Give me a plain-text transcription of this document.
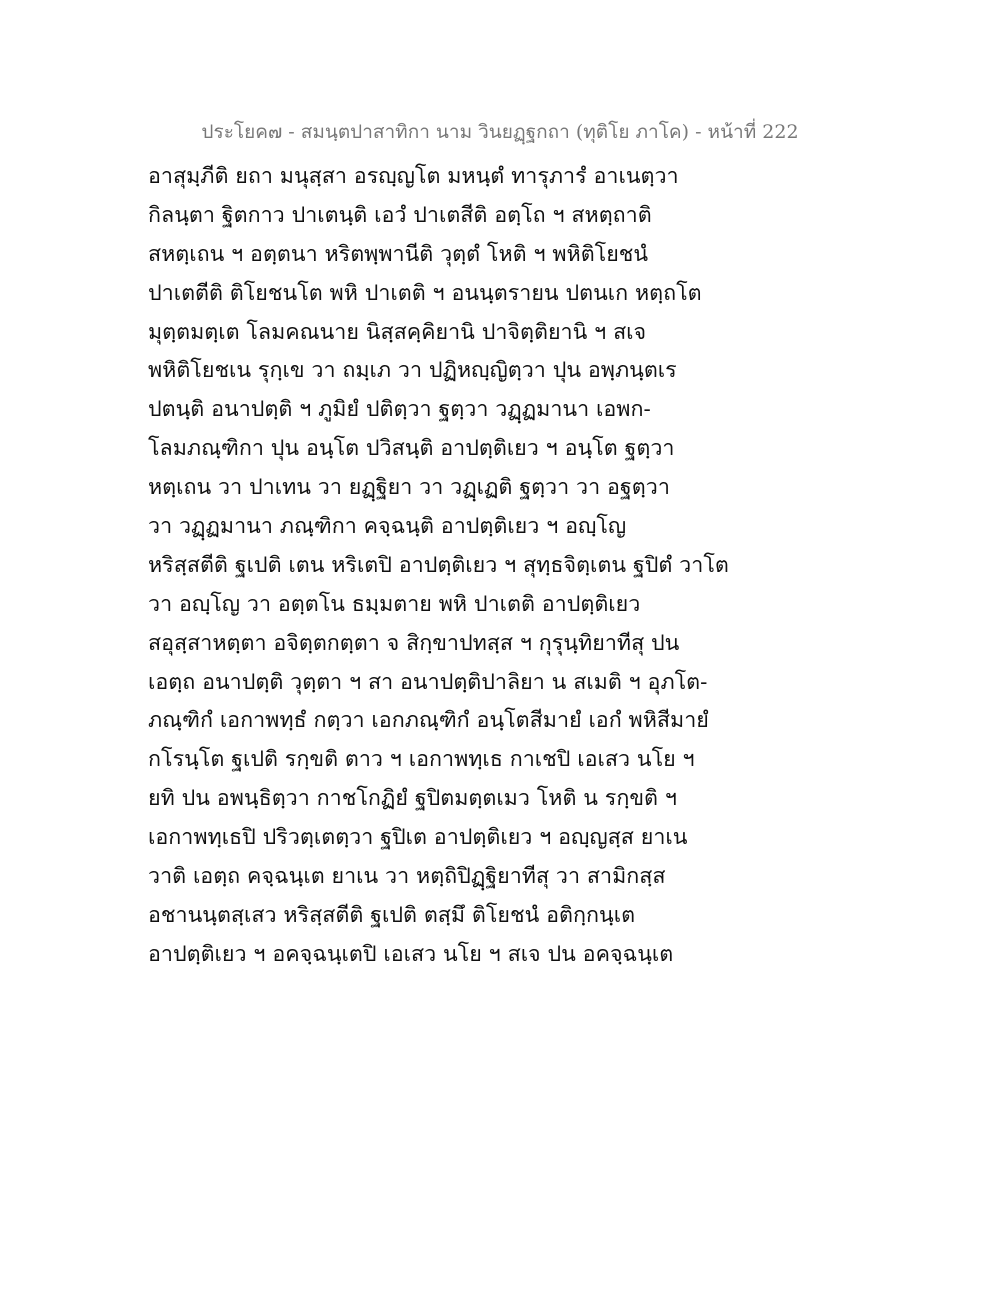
ประโยค๗ - สมนฺตปาสาทิกา นาม วินยฏฺฐกถา (ทุติโย ภาโค) - หน้าที่ 222
อาสุมฺภีติ ยถา มนุสฺสา อรญฺญโต มหนฺตํ ทารุภารํ อาเนตฺวา
กิลนฺตา ฐิตกาว ปาเตนฺติ เอวํ ปาเตสีติ อตฺโถ ฯ สหตฺถาติ
สหตฺเถน ฯ อตฺตนา หริตพฺพานีติ วุตฺตํ โหติ ฯ พหิติโยชนํ
ปาเตตีติ ติโยชนโต พหิ ปาเตติ ฯ อนนฺตรายน ปตนเก หตฺถโต
มุตฺตมตฺเต โลมคณนาย นิสฺสคฺคิยานิ ปาจิตฺติยานิ ฯ สเจ
พหิติโยชเน รุกฺเข วา ถมฺเภ วา ปฏิหญฺญิตฺวา ปุน อพฺภนฺตเร
ปตนฺติ อนาปตฺติ ฯ ภูมิยํ ปติตฺวา ฐตฺวา วฏฺฏมานา เอพก-
โลมภณฺฑิกา ปุน อนฺโต ปวิสนฺติ อาปตฺติเยว ฯ อนฺโต ฐตฺวา
หตฺเถน วา ปาเทน วา ยฏฺฐิยา วา วฏฺเฏติ ฐตฺวา วา อฐตฺวา
วา วฏฺฏมานา ภณฺฑิกา คจฺฉนฺติ อาปตฺติเยว ฯ อญฺโญ
หริสฺสตีติ ฐเปติ เตน หริเตปิ อาปตฺติเยว ฯ สุทฺธจิตฺเตน ฐปิตํ วาโต
วา อญฺโญ วา อตฺตโน ธมฺมตาย พหิ ปาเตติ อาปตฺติเยว
สอุสฺสาหตฺตา อจิตฺตกตฺตา จ สิกฺขาปทสฺส ฯ กุรุนฺทิยาทีสุ ปน
เอตฺถ อนาปตฺติ วุตฺตา ฯ สา อนาปตฺติปาลิยา น สเมติ ฯ อุภโต-
ภณฺฑิกํ เอกาพทฺธํ กตฺวา เอกภณฺฑิกํ อนฺโตสีมายํ เอกํ พหิสีมายํ
กโรนฺโต ฐเปติ รกฺขติ ตาว ฯ เอกาพทฺเธ กาเชปิ เอเสว นโย ฯ
ยทิ ปน อพนฺธิตฺวา กาชโกฏิยํ ฐปิตมตฺตเมว โหติ น รกฺขติ ฯ
เอกาพทฺเธปิ ปริวตฺเตตฺวา ฐปิเต อาปตฺติเยว ฯ อญฺญสฺส ยาเน
วาติ เอตฺถ คจฺฉนฺเต ยาเน วา หตฺถิปิฏฺฐิยาทีสุ วา สามิกสฺส
อชานนฺตสฺเสว หริสฺสตีติ ฐเปติ ตสฺมึ ติโยชนํ อติกฺกนฺเต
อาปตฺติเยว ฯ อคจฺฉนฺเตปิ เอเสว นโย ฯ สเจ ปน อคจฺฉนฺเต
